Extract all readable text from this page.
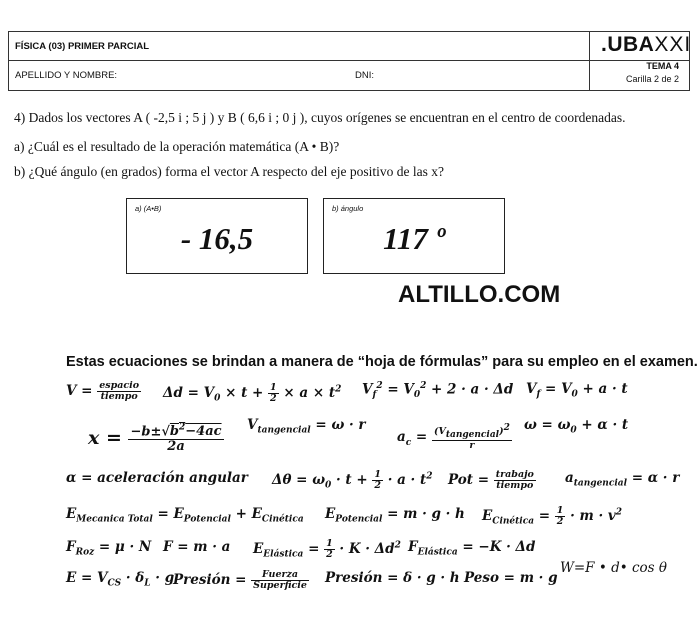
FÍSICA (03) PRIMER PARCIAL
APELLIDO Y NOMBRE:	DNI:
.UBAXXI
TEMA 4
Carilla 2 de 2
4) Dados los vectores A ( -2,5 i ; 5 j ) y B ( 6,6 i ; 0 j ), cuyos orígenes se encuentran en el centro de coordenadas.
a) ¿Cuál es el resultado de la operación matemática (A • B)?
b) ¿Qué ángulo (en grados) forma el vector A respecto del eje positivo de las x?
a) (A•B)
- 16,5
b) ángulo
117 º
ALTILLO.COM
Estas ecuaciones se brindan a manera de “hoja de fórmulas” para su empleo en el examen.
$V = \frac{\text{espacio}}{\text{tiempo}}$ $\Delta d = V_0 \times t + \frac{1}{2} \times a \times t^2$ $V_f^2 = V_0^2 + 2 \cdot a \cdot \Delta d$ $V_f = V_0 + a \cdot t$
$x = \frac{-b\pm√b^2-4ac}{2a} V_{tangencial} = \omega \cdot r$
$a_c = \frac{(V_{tangencial})^2}{r}$ $\omega = \omega_0 + \alpha \cdot t$
α = aceleración angular $\Delta\theta = \omega_0 \cdot t + \frac{1}{2} \cdot a \cdot t^2$ Pot = $\frac{\text{trabajo}}{\text{tiempo}} a_{tangencial} = \alpha \cdot r$
$E_{Mecanica Total} = E_{Potencial} + E_{Cinética}$ $E_{Potencial} = m \cdot g \cdot h$ $E_{Cinética} = \frac{1}{2} \cdot m \cdot v^2$
$F_{Roz} = \mu \cdot N$ F = m · a $E_{Elástica} = \frac{1}{2} \cdot K \cdot \Delta d^2$ $F_{Elástica} = -K \cdot \Delta d$
$E = V_{CS} \cdot \delta_L \cdot g$
Presión = $\frac{\text{Fuerza}}{\text{Superficie}}$ Presión = δ · g · h Peso = m · g
W=F • d• cos θ
